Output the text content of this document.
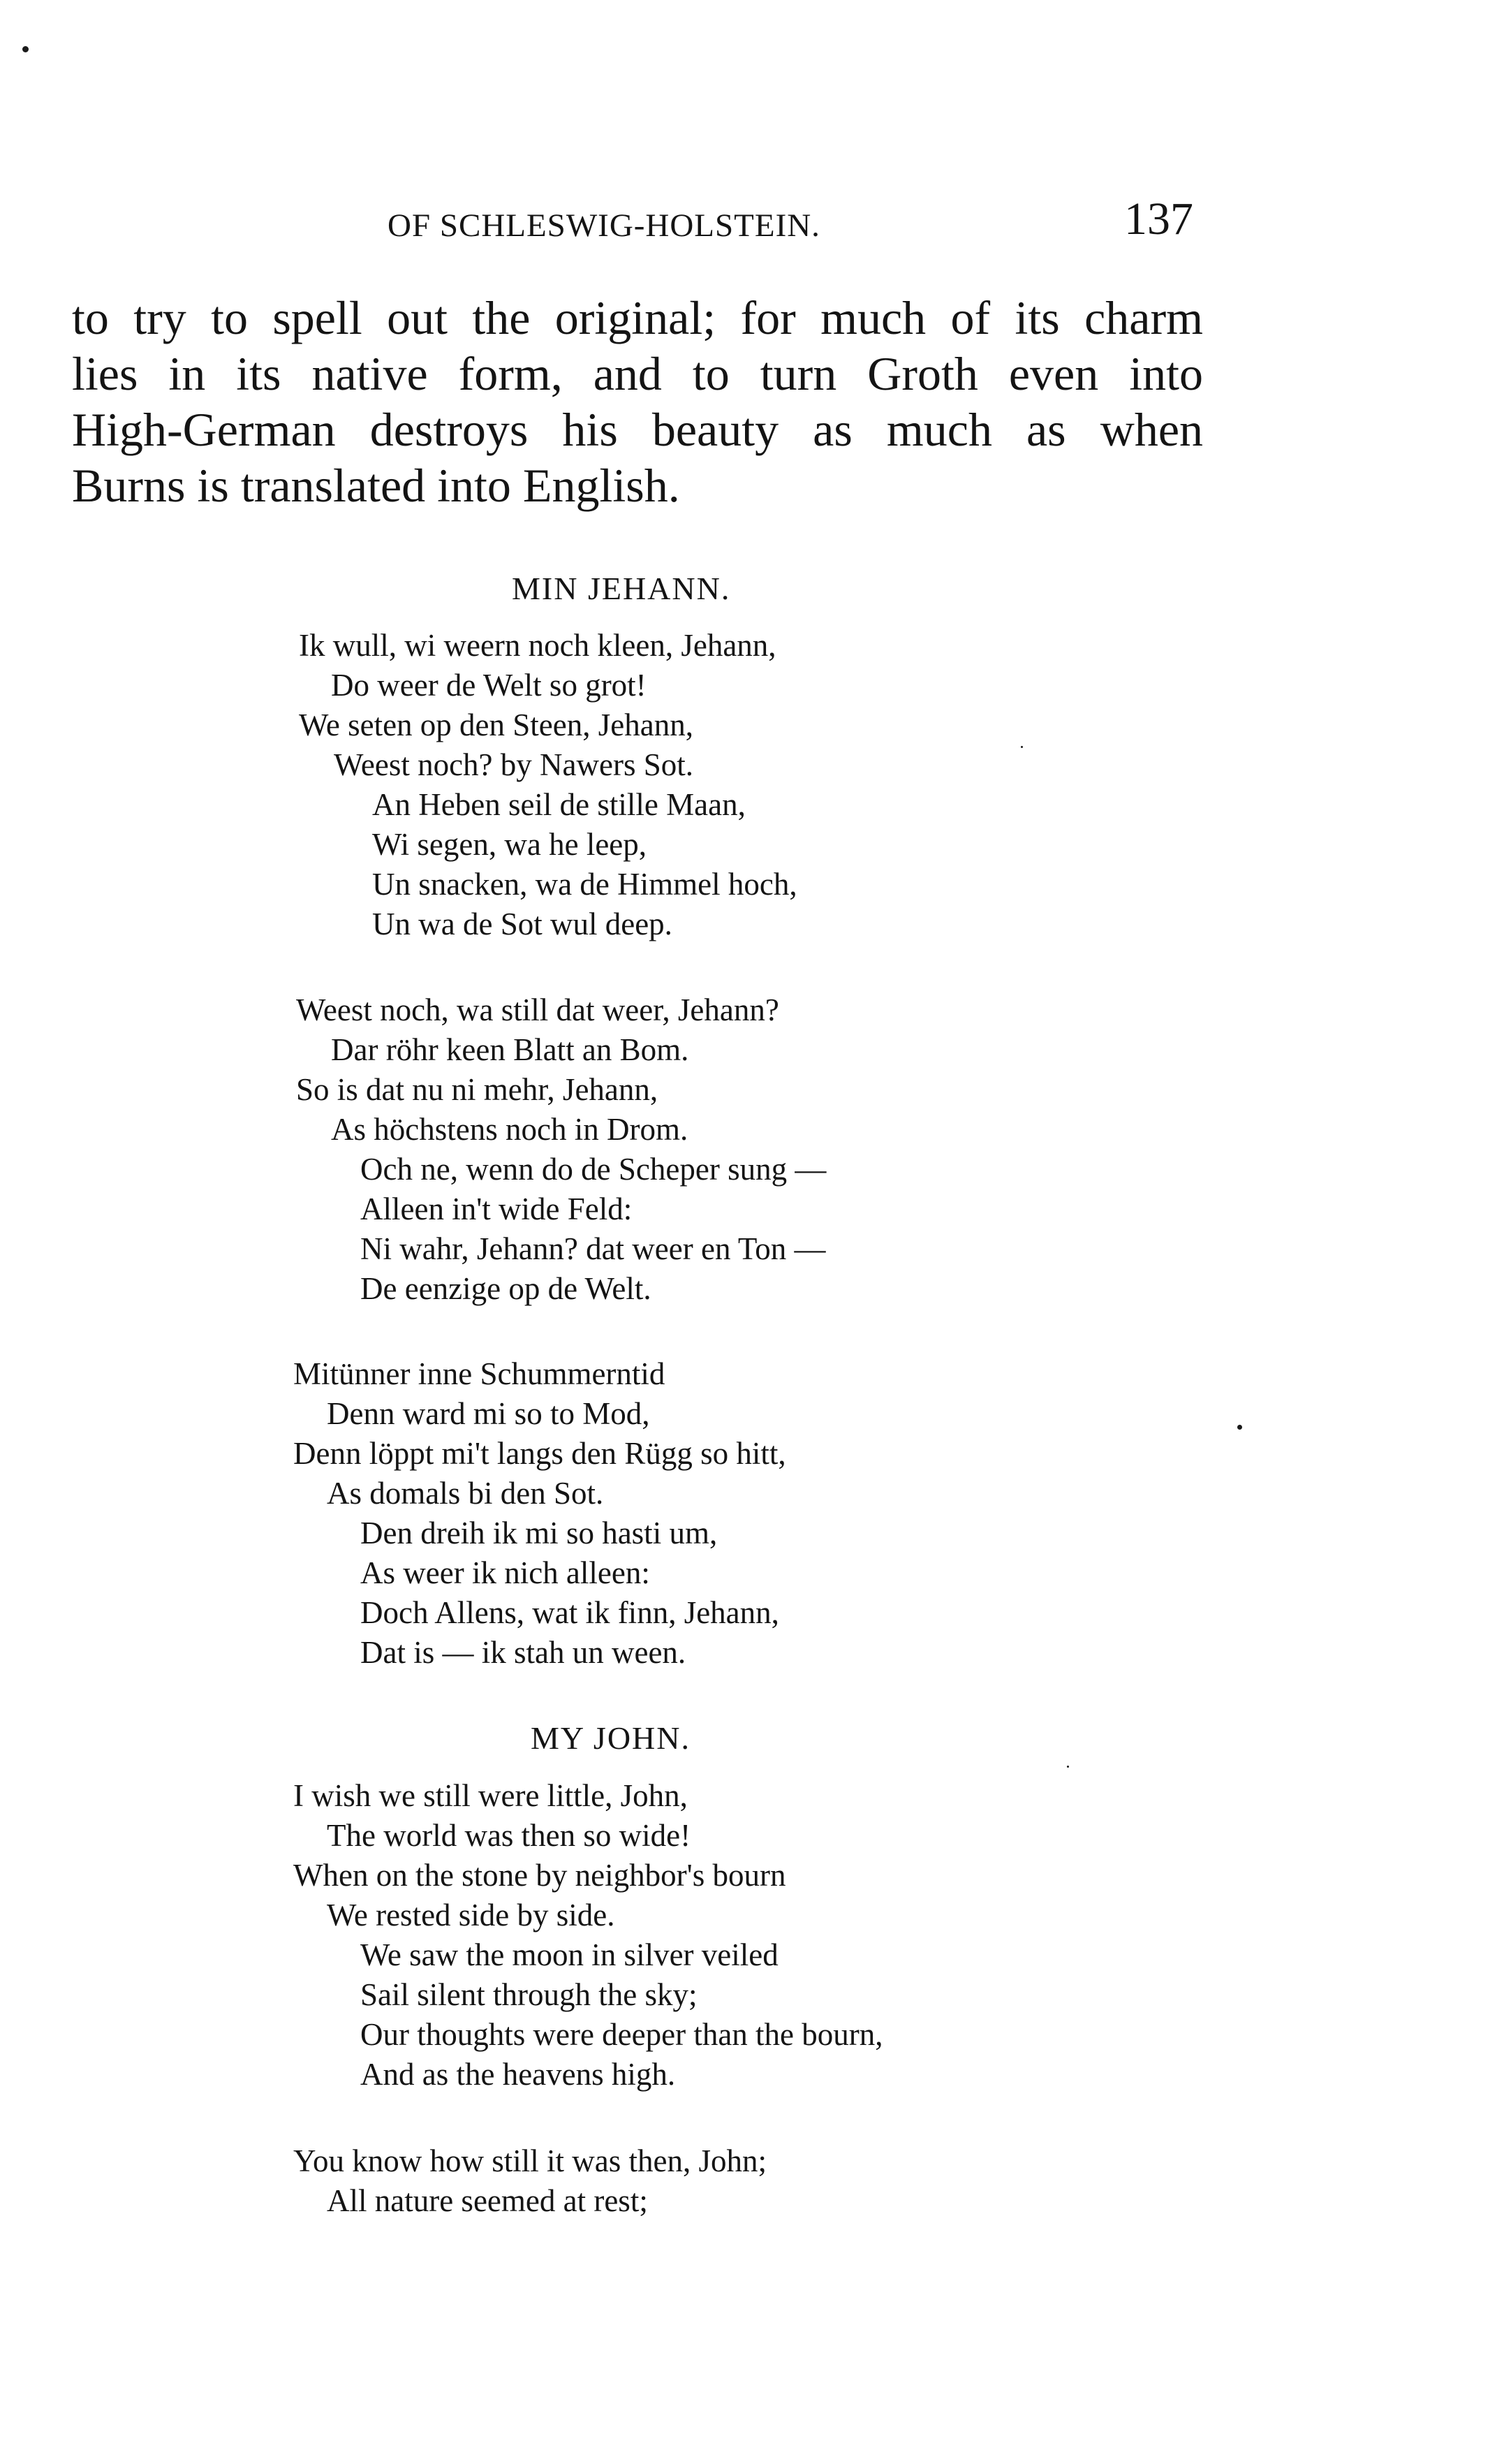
OF SCHLESWIG-HOLSTEIN.	137
to try to spell out the original; for much of its charm
lies in its native form, and to turn Groth even into
High-German destroys his beauty as much as when
Burns is translated into English.
MIN JEHANN.
Ik wull, wi weern noch kleen, Jehann,
Do weer de Welt so grot!
We seten op den Steen, Jehann,
Weest noch? by Nawers Sot.
An Heben seil de stille Maan,
Wi segen, wa he leep,
Un snacken, wa de Himmel hoch,
Un wa de Sot wul deep.
Weest noch, wa still dat weer, Jehann?
Dar röhr keen Blatt an Bom.
So is dat nu ni mehr, Jehann,
As höchstens noch in Drom.
Och ne, wenn do de Scheper sung —
Alleen in't wide Feld:
Ni wahr, Jehann? dat weer en Ton —
De eenzige op de Welt.
Mitünner inne Schummerntid
Denn ward mi so to Mod,
Denn löppt mi't langs den Rügg so hitt,
As domals bi den Sot.
Den dreih ik mi so hasti um,
As weer ik nich alleen:
Doch Allens, wat ik finn, Jehann,
Dat is — ik stah un ween.
MY JOHN.
I wish we still were little, John,
The world was then so wide!
When on the stone by neighbor's bourn
We rested side by side.
We saw the moon in silver veiled
Sail silent through the sky;
Our thoughts were deeper than the bourn,
And as the heavens high.
You know how still it was then, John;
All nature seemed at rest;
